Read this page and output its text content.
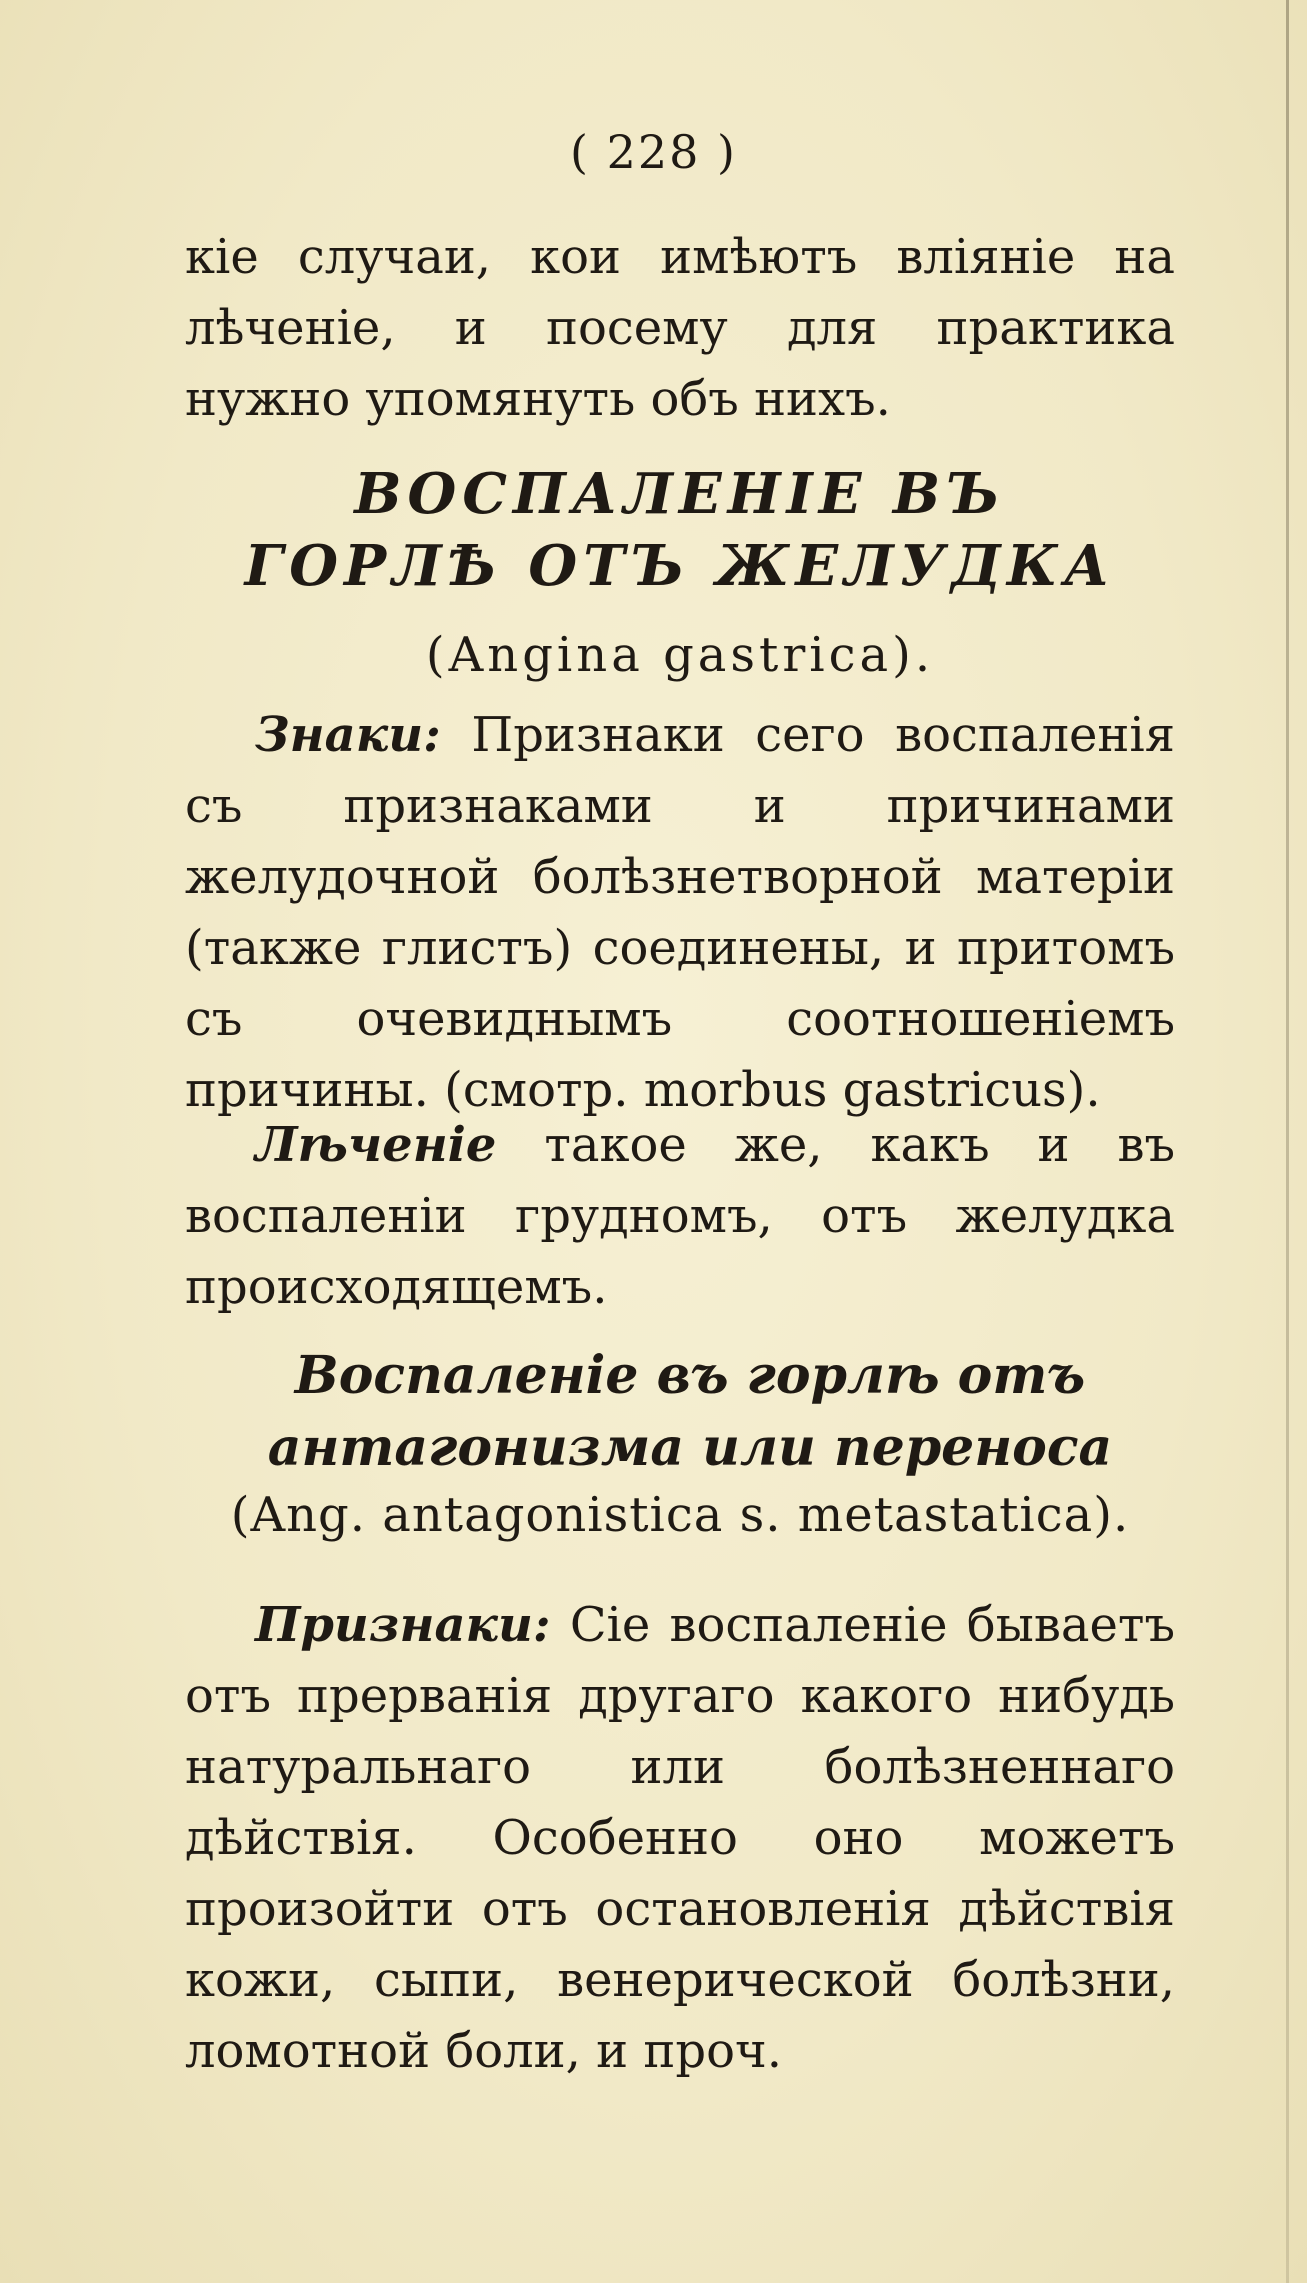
( 228 )

кіе случаи, кои имѣютъ вліяніе на лѣченіе, и посему для практика нужно упомянуть объ нихъ.

ВОСПАЛЕНІЕ ВЪ ГОРЛѢ ОТЪ ЖЕЛУДКА

(Angina gastrica).

Знаки: Признаки сего воспаленія съ признаками и причинами желудочной болѣзнетворной матеріи (также глистъ) соединены, и притомъ съ очевиднымъ соотношеніемъ причины. (смотр. morbus gastricus).

Лѣченіе такое же, какъ и въ воспаленіи грудномъ, отъ желудка происходящемъ.

Воспаленіе въ горлѣ отъ антагонизма или переноса

(Ang. antagonistica s. metastatica).

Признаки: Сіе воспаленіе бываетъ отъ прерванія другаго какого нибудь натуральнаго или болѣзненнаго дѣйствія. Особенно оно можетъ произойти отъ остановленія дѣйствія кожи, сыпи, венерической болѣзни, ломотной боли, и проч.
